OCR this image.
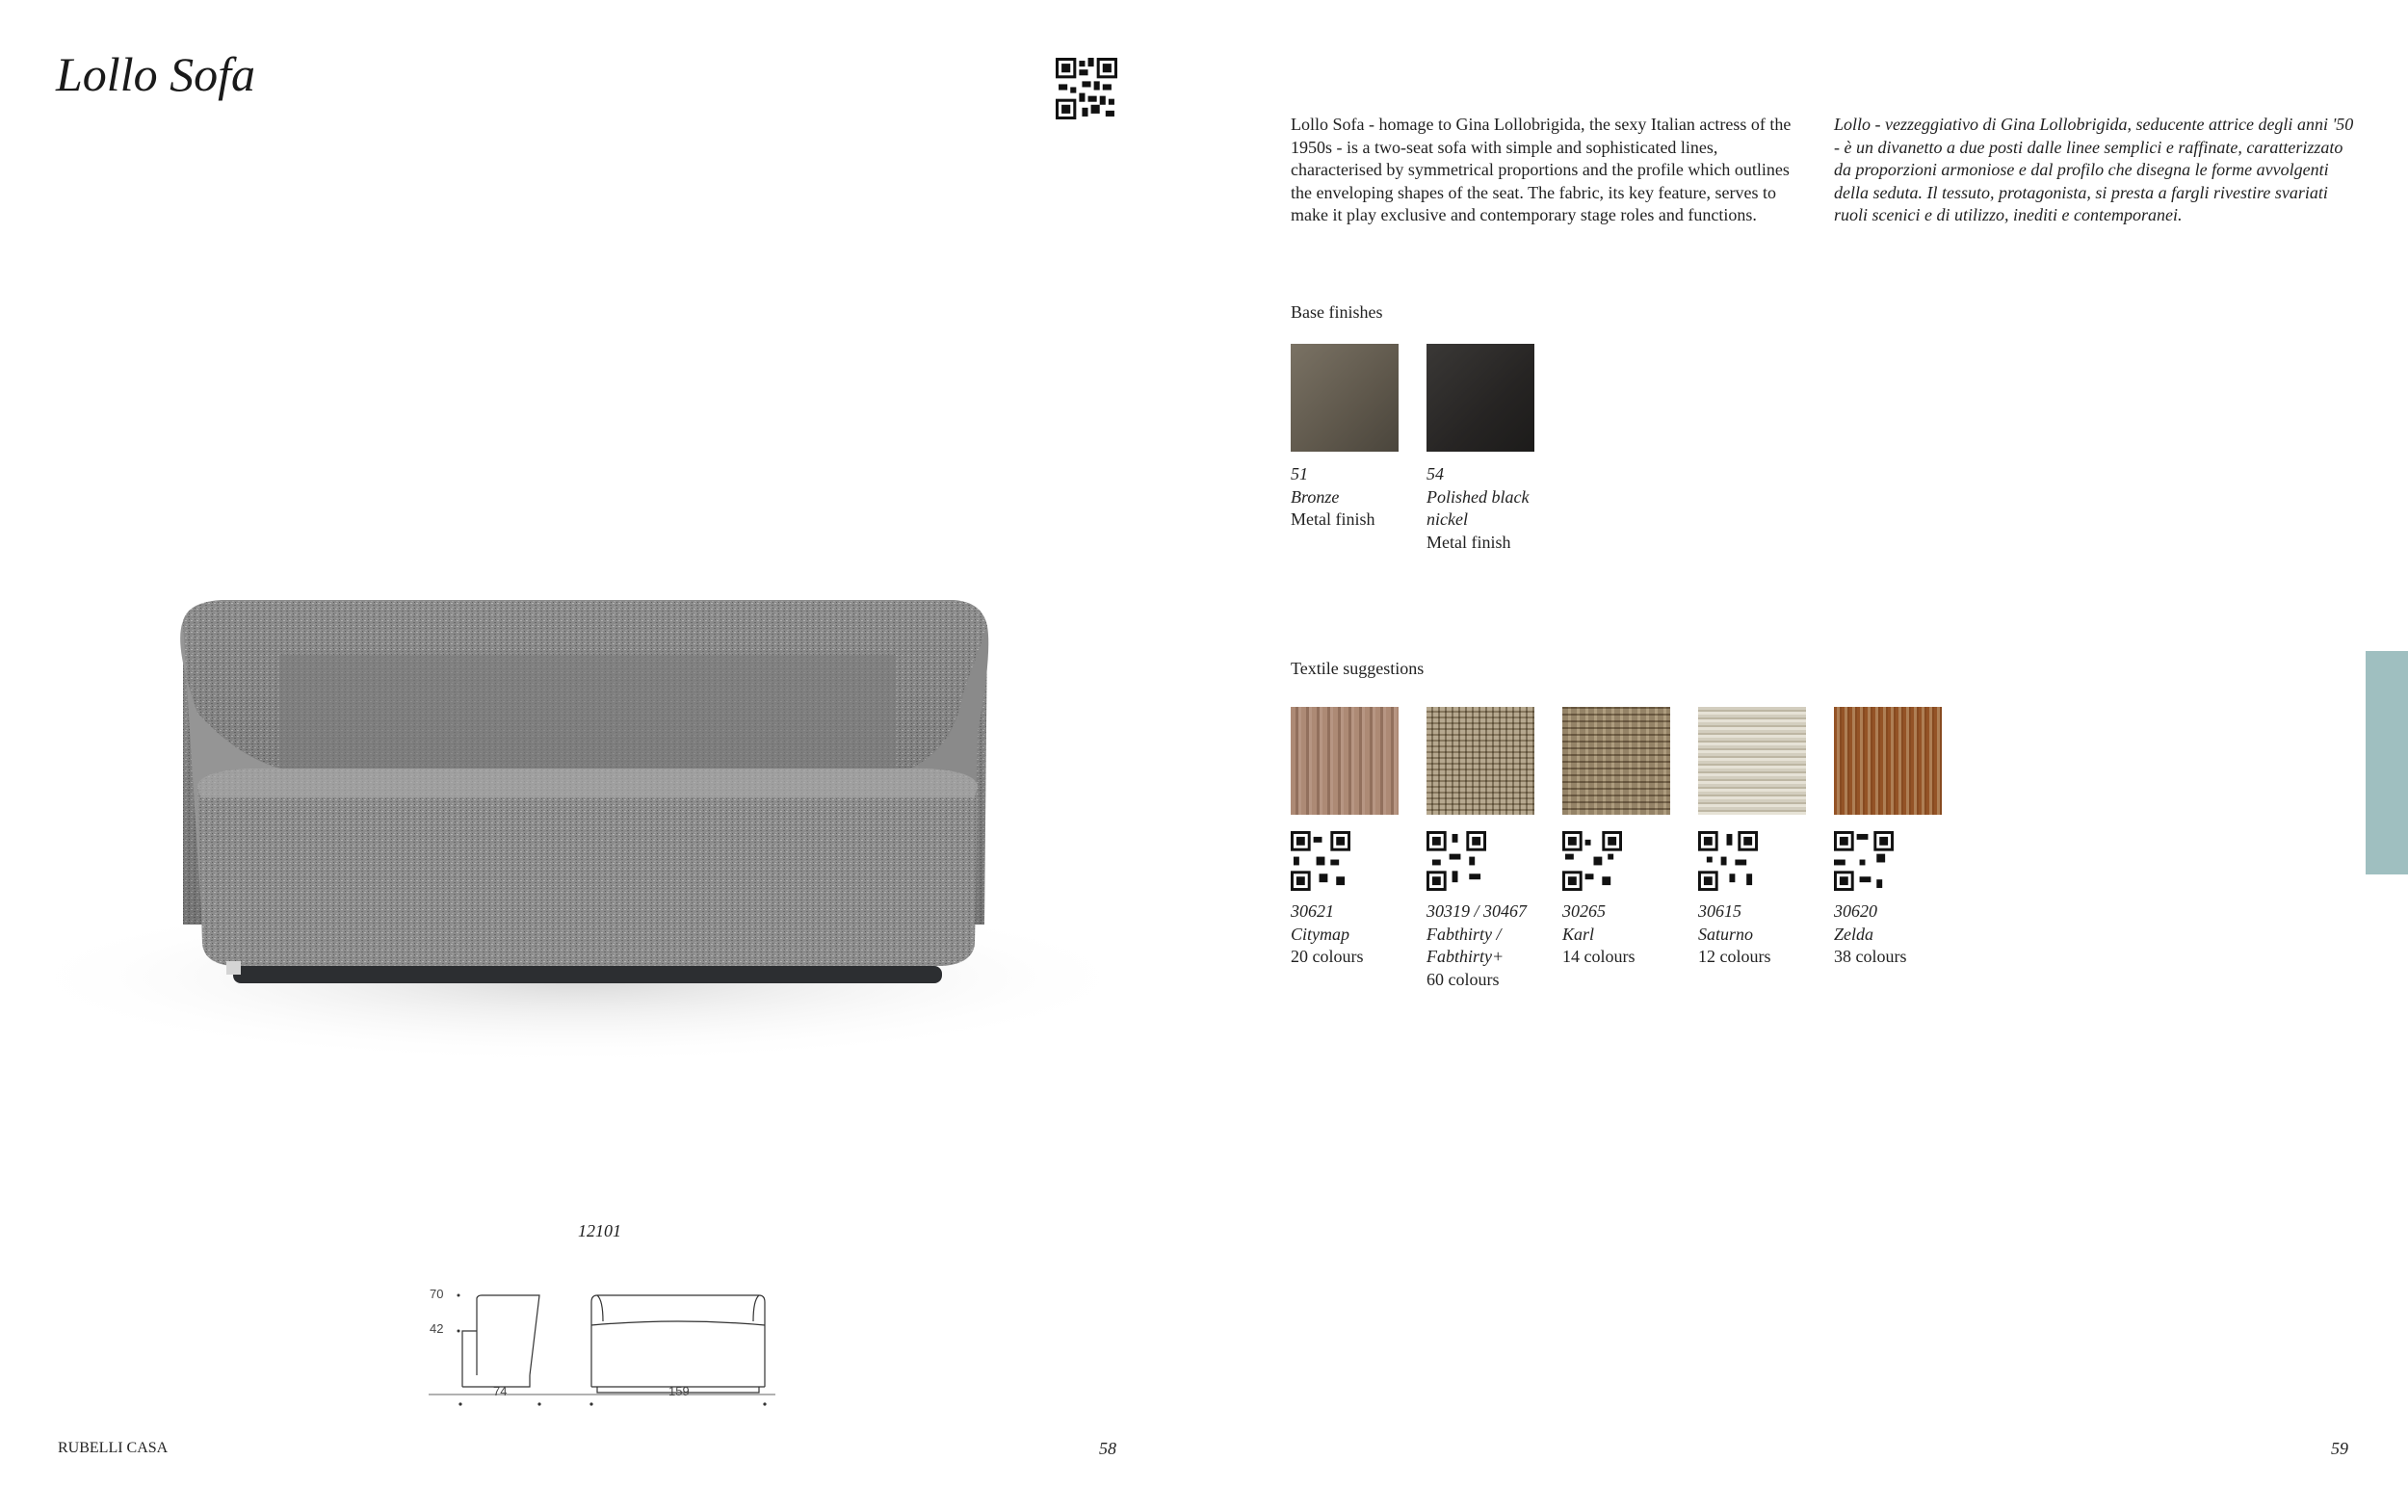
Lollo Sofa
Lollo Sofa - homage to Gina Lollobrigida, the sexy Italian actress of the 1950s - is a two-seat sofa with simple and sophisticated lines, characterised by symmetrical proportions and the profile which outlines the enveloping shapes of the seat. The fabric, its key feature, serves to make it play exclusive and contemporary stage roles and functions.
Lollo - vezzeggiativo di Gina Lollobrigida, seducente attrice degli anni '50 - è un divanetto a due posti dalle linee semplici e raffinate, caratterizzato da proporzioni armoniose e dal profilo che disegna le forme avvolgenti della seduta. Il tessuto, protagonista, si presta a fargli rivestire svariati ruoli scenici e di utilizzo, inediti e contemporanei.
Base finishes
51
Bronze
Metal finish
54
Polished black nickel
Metal finish
Textile suggestions
30621
Citymap
20 colours
30319 / 30467
Fabthirty / Fabthirty+
60 colours
30265
Karl
14 colours
30615
Saturno
12 colours
30620
Zelda
38 colours
12101
70
42
74	159
RUBELLI CASA	58	59
